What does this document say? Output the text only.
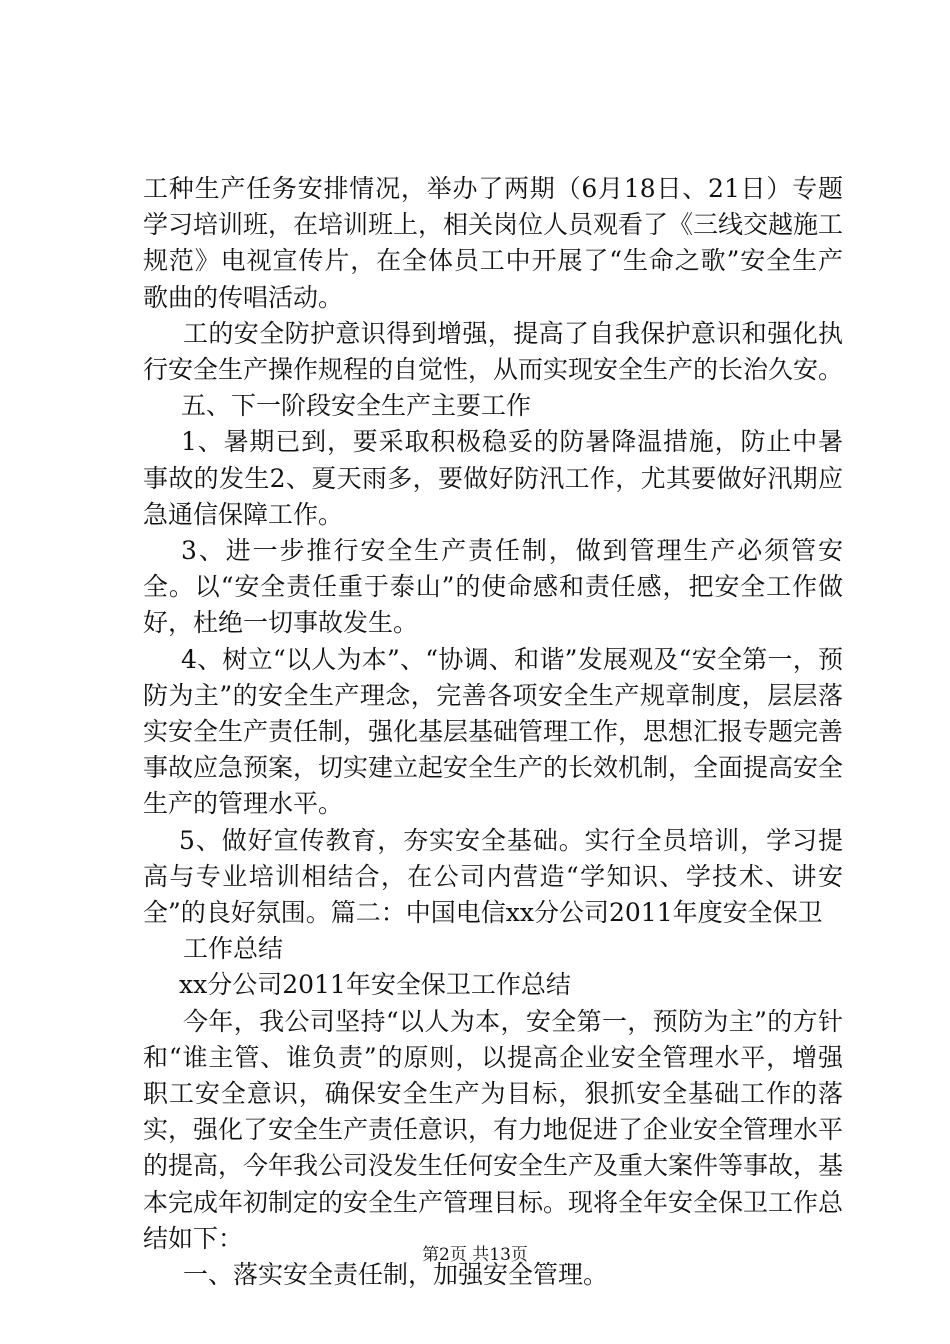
工种生产任务安排情况，举办了两期（6月18日、21日）专题学习培训班，在培训班上，相关岗位人员观看了《三线交越施工规范》电视宣传片，在全体员工中开展了“生命之歌”安全生产歌曲的传唱活动。

工的安全防护意识得到增强，提高了自我保护意识和强化执行安全生产操作规程的自觉性，从而实现安全生产的长治久安。

五、下一阶段安全生产主要工作

1、暑期已到，要采取积极稳妥的防暑降温措施，防止中暑事故的发生2、夏天雨多，要做好防汛工作，尤其要做好汛期应急通信保障工作。

3、进一步推行安全生产责任制，做到管理生产必须管安全。以“安全责任重于泰山”的使命感和责任感，把安全工作做好，杜绝一切事故发生。

4、树立“以人为本”、“协调、和谐”发展观及“安全第一，预防为主”的安全生产理念，完善各项安全生产规章制度，层层落实安全生产责任制，强化基层基础管理工作，思想汇报专题完善事故应急预案，切实建立起安全生产的长效机制，全面提高安全生产的管理水平。

5、做好宣传教育，夯实安全基础。实行全员培训，学习提高与专业培训相结合，在公司内营造“学知识、学技术、讲安全”的良好氛围。篇二：中国电信xx分公司2011年度安全保卫

工作总结

xx分公司2011年安全保卫工作总结

今年，我公司坚持“以人为本，安全第一，预防为主”的方针和“谁主管、谁负责”的原则，以提高企业安全管理水平，增强职工安全意识，确保安全生产为目标，狠抓安全基础工作的落实，强化了安全生产责任意识，有力地促进了企业安全管理水平的提高，今年我公司没发生任何安全生产及重大案件等事故，基本完成年初制定的安全生产管理目标。现将全年安全保卫工作总结如下：

一、落实安全责任制，加强安全管理。

第2页 共13页
